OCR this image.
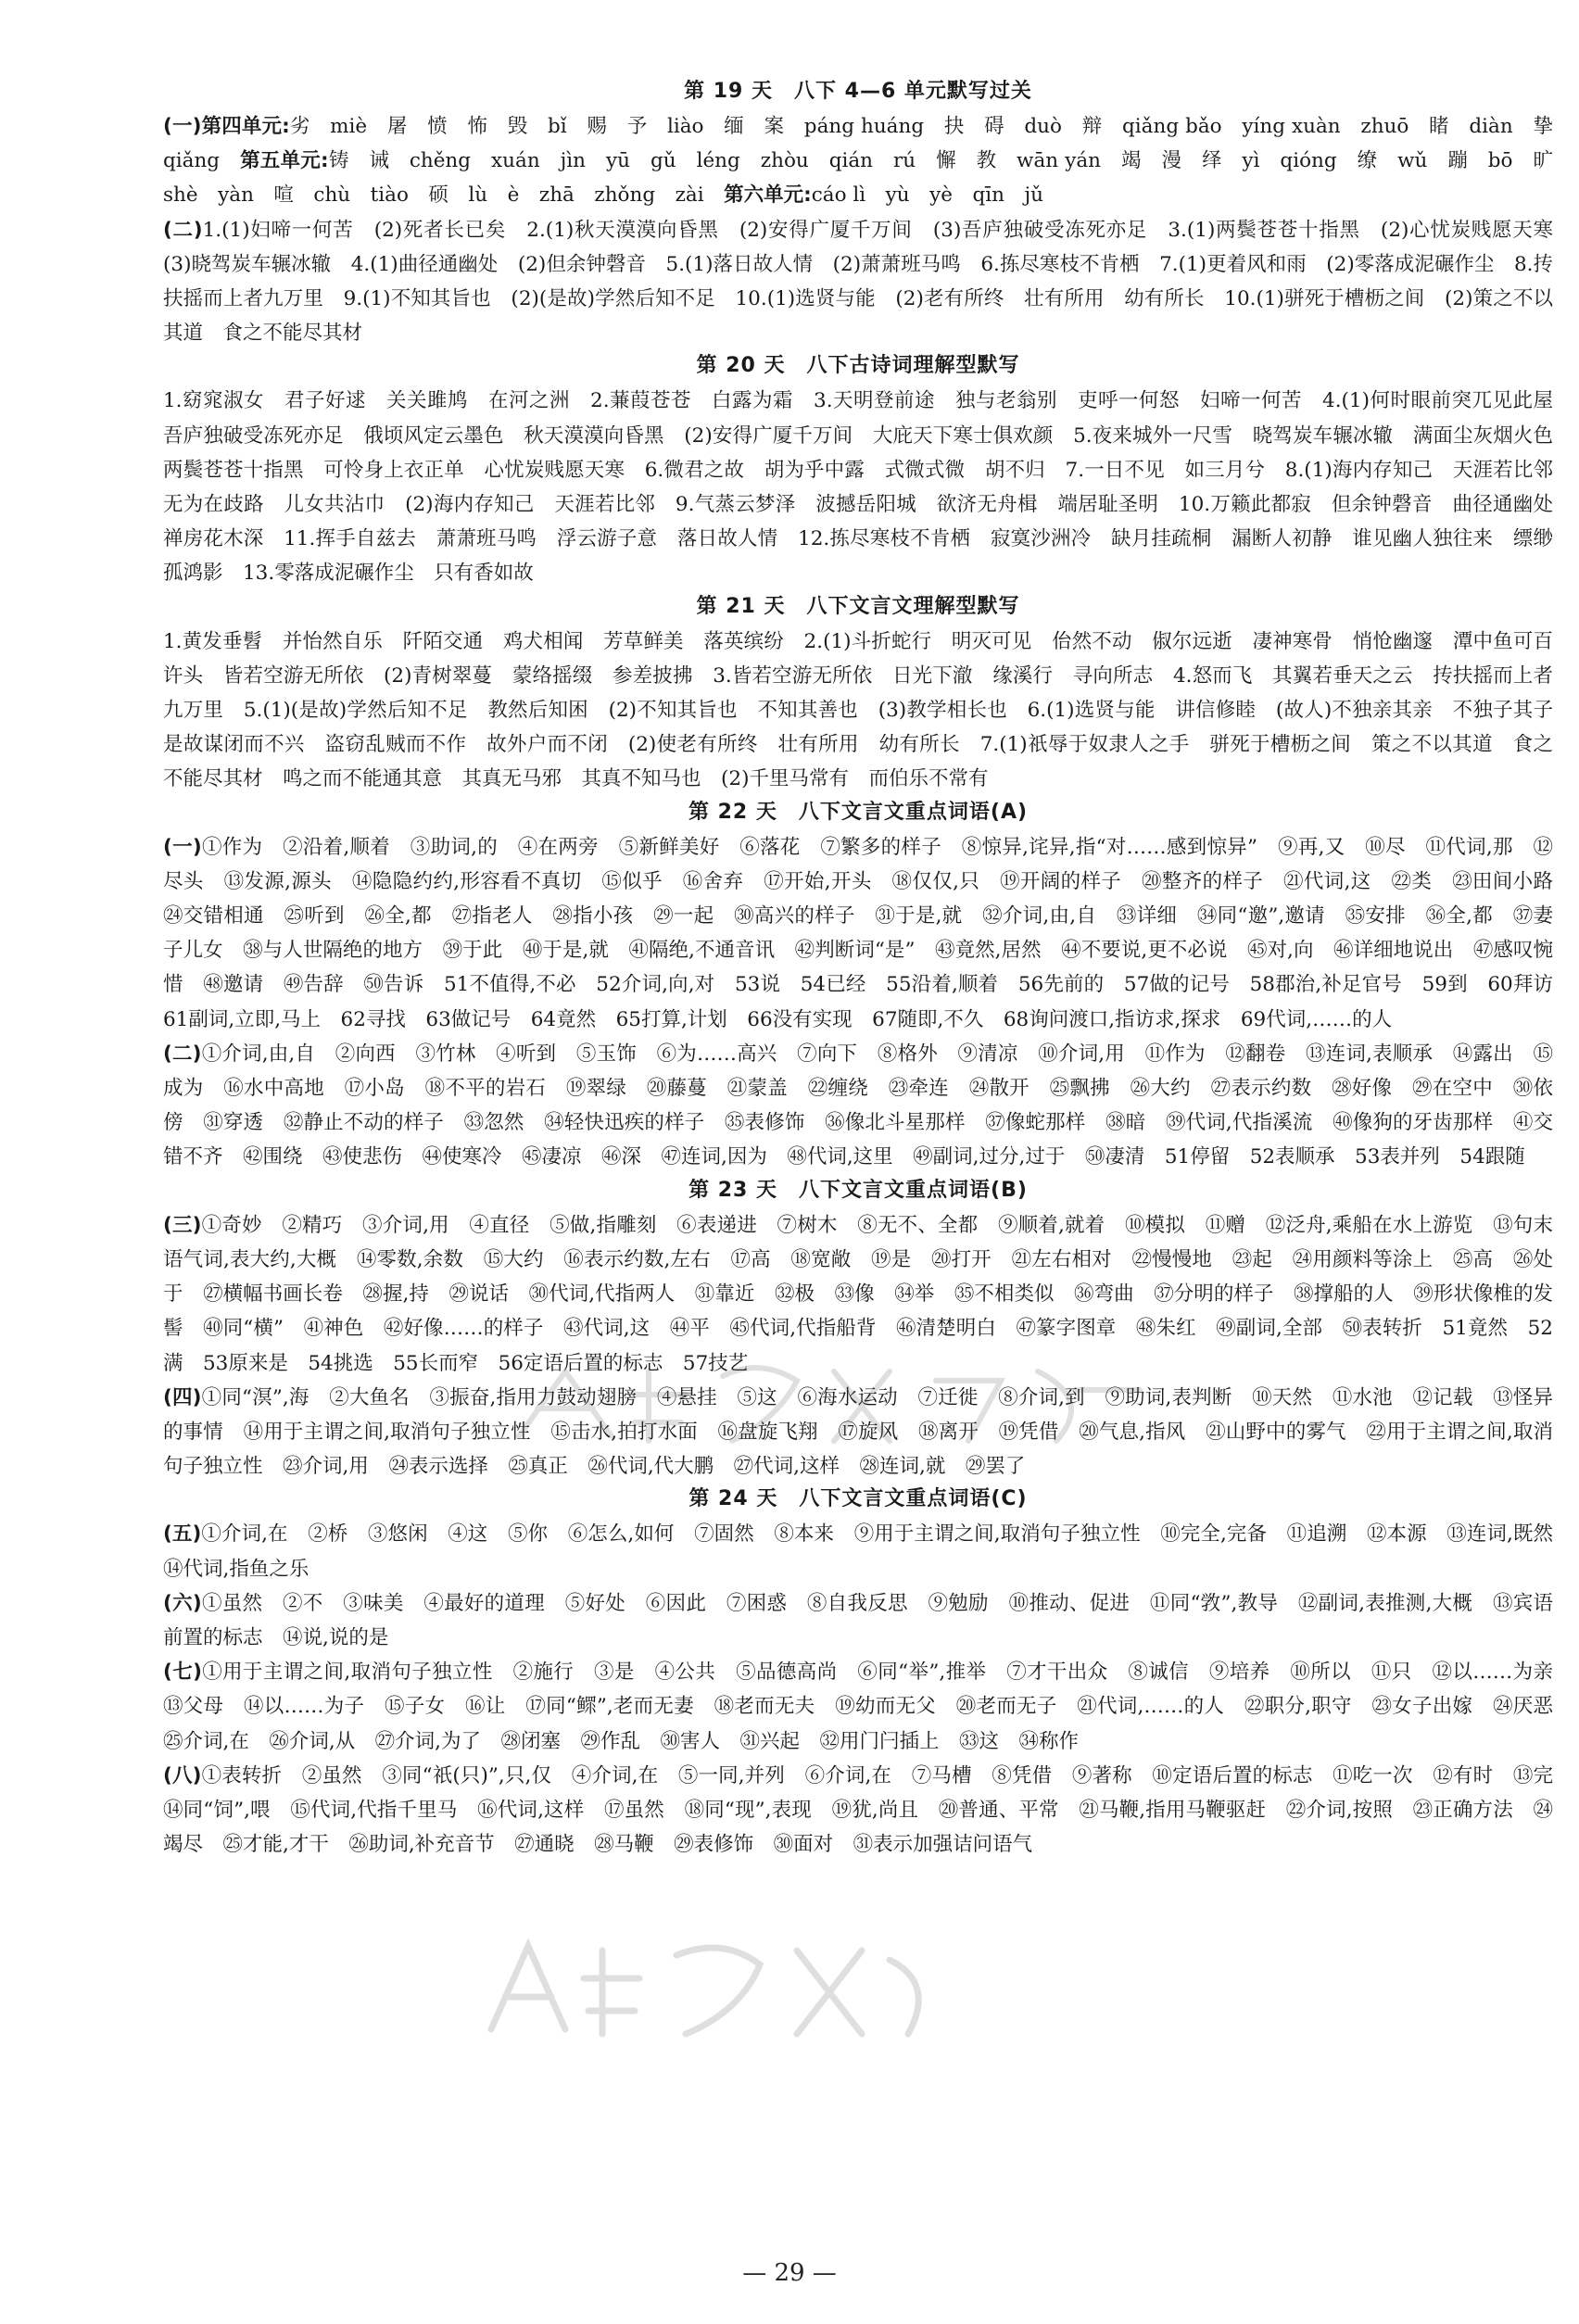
第 19 天　八下 4—6 单元默写过关

(一)第四单元:劣　miè　屠　愤　怖　毁　bǐ　赐　予　liào　缅　案　páng huáng　抉　碍　duò　辩　qiǎng bǎo　yíng xuàn　zhuō　睹　diàn　挚　qiǎng　第五单元:铸　诫　chěng　xuán　jìn　yū　gǔ　léng　zhòu　qián　rú　懈　教　wān yán　竭　漫　绎　yì　qióng　缭　wǔ　蹦　bō　旷　shè　yàn　喧　chù　tiào　硕　lù　è　zhā　zhǒng　zài　第六单元:cáo lì　yù　yè　qīn　jǔ

(二)1.(1)妇啼一何苦　(2)死者长已矣　2.(1)秋天漠漠向昏黑　(2)安得广厦千万间　(3)吾庐独破受冻死亦足　3.(1)两鬓苍苍十指黑　(2)心忧炭贱愿天寒　(3)晓驾炭车辗冰辙　4.(1)曲径通幽处　(2)但余钟磬音　5.(1)落日故人情　(2)萧萧班马鸣　6.拣尽寒枝不肯栖　7.(1)更着风和雨　(2)零落成泥碾作尘　8.抟扶摇而上者九万里　9.(1)不知其旨也　(2)(是故)学然后知不足　10.(1)选贤与能　(2)老有所终　壮有所用　幼有所长　10.(1)骈死于槽枥之间　(2)策之不以其道　食之不能尽其材

第 20 天　八下古诗词理解型默写

1.窈窕淑女　君子好逑　关关雎鸠　在河之洲　2.蒹葭苍苍　白露为霜　3.天明登前途　独与老翁别　吏呼一何怒　妇啼一何苦　4.(1)何时眼前突兀见此屋　吾庐独破受冻死亦足　俄顷风定云墨色　秋天漠漠向昏黑　(2)安得广厦千万间　大庇天下寒士俱欢颜　5.夜来城外一尺雪　晓驾炭车辗冰辙　满面尘灰烟火色　两鬓苍苍十指黑　可怜身上衣正单　心忧炭贱愿天寒　6.微君之故　胡为乎中露　式微式微　胡不归　7.一日不见　如三月兮　8.(1)海内存知己　天涯若比邻　无为在歧路　儿女共沾巾　(2)海内存知己　天涯若比邻　9.气蒸云梦泽　波撼岳阳城　欲济无舟楫　端居耻圣明　10.万籁此都寂　但余钟磬音　曲径通幽处　禅房花木深　11.挥手自兹去　萧萧班马鸣　浮云游子意　落日故人情　12.拣尽寒枝不肯栖　寂寞沙洲冷　缺月挂疏桐　漏断人初静　谁见幽人独往来　缥缈孤鸿影　13.零落成泥碾作尘　只有香如故

第 21 天　八下文言文理解型默写

1.黄发垂髫　并怡然自乐　阡陌交通　鸡犬相闻　芳草鲜美　落英缤纷　2.(1)斗折蛇行　明灭可见　佁然不动　俶尔远逝　凄神寒骨　悄怆幽邃　潭中鱼可百许头　皆若空游无所依　(2)青树翠蔓　蒙络摇缀　参差披拂　3.皆若空游无所依　日光下澈　缘溪行　寻向所志　4.怒而飞　其翼若垂天之云　抟扶摇而上者九万里　5.(1)(是故)学然后知不足　教然后知困　(2)不知其旨也　不知其善也　(3)教学相长也　6.(1)选贤与能　讲信修睦　(故人)不独亲其亲　不独子其子　是故谋闭而不兴　盗窃乱贼而不作　故外户而不闭　(2)使老有所终　壮有所用　幼有所长　7.(1)祇辱于奴隶人之手　骈死于槽枥之间　策之不以其道　食之不能尽其材　鸣之而不能通其意　其真无马邪　其真不知马也　(2)千里马常有　而伯乐不常有

第 22 天　八下文言文重点词语(A)

(一)①作为　②沿着,顺着　③助词,的　④在两旁　⑤新鲜美好　⑥落花　⑦繁多的样子　⑧惊异,诧异,指“对……感到惊异”　⑨再,又　⑩尽　⑪代词,那　⑫尽头　⑬发源,源头　⑭隐隐约约,形容看不真切　⑮似乎　⑯舍弃　⑰开始,开头　⑱仅仅,只　⑲开阔的样子　⑳整齐的样子　㉑代词,这　㉒类　㉓田间小路　㉔交错相通　㉕听到　㉖全,都　㉗指老人　㉘指小孩　㉙一起　㉚高兴的样子　㉛于是,就　㉜介词,由,自　㉝详细　㉞同“邀”,邀请　㉟安排　㊱全,都　㊲妻子儿女　㊳与人世隔绝的地方　㊴于此　㊵于是,就　㊶隔绝,不通音讯　㊷判断词“是”　㊸竟然,居然　㊹不要说,更不必说　㊺对,向　㊻详细地说出　㊼感叹惋惜　㊽邀请　㊾告辞　㊿告诉　51不值得,不必　52介词,向,对　53说　54已经　55沿着,顺着　56先前的　57做的记号　58郡治,补足官号　59到　60拜访　61副词,立即,马上　62寻找　63做记号　64竟然　65打算,计划　66没有实现　67随即,不久　68询问渡口,指访求,探求　69代词,……的人

(二)①介词,由,自　②向西　③竹林　④听到　⑤玉饰　⑥为……高兴　⑦向下　⑧格外　⑨清凉　⑩介词,用　⑪作为　⑫翻卷　⑬连词,表顺承　⑭露出　⑮成为　⑯水中高地　⑰小岛　⑱不平的岩石　⑲翠绿　⑳藤蔓　㉑蒙盖　㉒缠绕　㉓牵连　㉔散开　㉕飘拂　㉖大约　㉗表示约数　㉘好像　㉙在空中　㉚依傍　㉛穿透　㉜静止不动的样子　㉝忽然　㉞轻快迅疾的样子　㉟表修饰　㊱像北斗星那样　㊲像蛇那样　㊳暗　㊴代词,代指溪流　㊵像狗的牙齿那样　㊶交错不齐　㊷围绕　㊸使悲伤　㊹使寒冷　㊺凄凉　㊻深　㊼连词,因为　㊽代词,这里　㊾副词,过分,过于　㊿凄清　51停留　52表顺承　53表并列　54跟随

第 23 天　八下文言文重点词语(B)

(三)①奇妙　②精巧　③介词,用　④直径　⑤做,指雕刻　⑥表递进　⑦树木　⑧无不、全都　⑨顺着,就着　⑩模拟　⑪赠　⑫泛舟,乘船在水上游览　⑬句末语气词,表大约,大概　⑭零数,余数　⑮大约　⑯表示约数,左右　⑰高　⑱宽敞　⑲是　⑳打开　㉑左右相对　㉒慢慢地　㉓起　㉔用颜料等涂上　㉕高　㉖处于　㉗横幅书画长卷　㉘握,持　㉙说话　㉚代词,代指两人　㉛靠近　㉜极　㉝像　㉞举　㉟不相类似　㊱弯曲　㊲分明的样子　㊳撑船的人　㊴形状像椎的发髻　㊵同“横”　㊶神色　㊷好像……的样子　㊸代词,这　㊹平　㊺代词,代指船背　㊻清楚明白　㊼篆字图章　㊽朱红　㊾副词,全部　㊿表转折　51竟然　52满　53原来是　54挑选　55长而窄　56定语后置的标志　57技艺

(四)①同“溟”,海　②大鱼名　③振奋,指用力鼓动翅膀　④悬挂　⑤这　⑥海水运动　⑦迁徙　⑧介词,到　⑨助词,表判断　⑩天然　⑪水池　⑫记载　⑬怪异的事情　⑭用于主谓之间,取消句子独立性　⑮击水,拍打水面　⑯盘旋飞翔　⑰旋风　⑱离开　⑲凭借　⑳气息,指风　㉑山野中的雾气　㉒用于主谓之间,取消句子独立性　㉓介词,用　㉔表示选择　㉕真正　㉖代词,代大鹏　㉗代词,这样　㉘连词,就　㉙罢了

第 24 天　八下文言文重点词语(C)

(五)①介词,在　②桥　③悠闲　④这　⑤你　⑥怎么,如何　⑦固然　⑧本来　⑨用于主谓之间,取消句子独立性　⑩完全,完备　⑪追溯　⑫本源　⑬连词,既然　⑭代词,指鱼之乐

(六)①虽然　②不　③味美　④最好的道理　⑤好处　⑥因此　⑦困惑　⑧自我反思　⑨勉励　⑩推动、促进　⑪同“敩”,教导　⑫副词,表推测,大概　⑬宾语前置的标志　⑭说,说的是

(七)①用于主谓之间,取消句子独立性　②施行　③是　④公共　⑤品德高尚　⑥同“举”,推举　⑦才干出众　⑧诚信　⑨培养　⑩所以　⑪只　⑫以……为亲　⑬父母　⑭以……为子　⑮子女　⑯让　⑰同“鳏”,老而无妻　⑱老而无夫　⑲幼而无父　⑳老而无子　㉑代词,……的人　㉒职分,职守　㉓女子出嫁　㉔厌恶　㉕介词,在　㉖介词,从　㉗介词,为了　㉘闭塞　㉙作乱　㉚害人　㉛兴起　㉜用门闩插上　㉝这　㉞称作

(八)①表转折　②虽然　③同“祇(只)”,只,仅　④介词,在　⑤一同,并列　⑥介词,在　⑦马槽　⑧凭借　⑨著称　⑩定语后置的标志　⑪吃一次　⑫有时　⑬完　⑭同“饲”,喂　⑮代词,代指千里马　⑯代词,这样　⑰虽然　⑱同“现”,表现　⑲犹,尚且　⑳普通、平常　㉑马鞭,指用马鞭驱赶　㉒介词,按照　㉓正确方法　㉔竭尽　㉕才能,才干　㉖助词,补充音节　㉗通晓　㉘马鞭　㉙表修饰　㉚面对　㉛表示加强诘问语气

— 29 —
